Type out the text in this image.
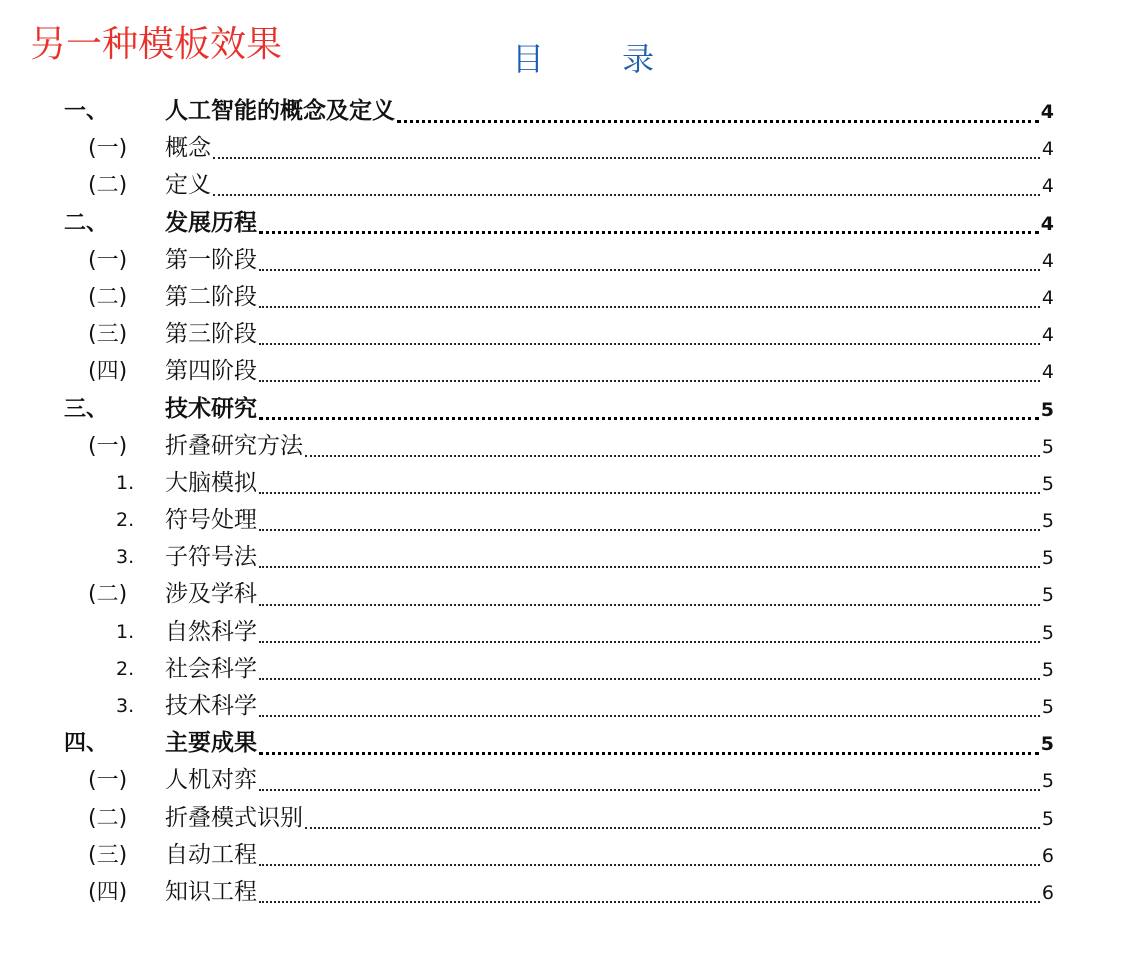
另一种模板效果	目 录
一、 人工智能的概念及定义	4
(一) 概念	4
(二) 定义	4
二、 发展历程	4
(一) 第一阶段	4
(二) 第二阶段	4
(三) 第三阶段	4
(四) 第四阶段	4
三、 技术研究	5
(一) 折叠研究方法	5
1. 大脑模拟	5
2. 符号处理	5
3. 子符号法	5
(二) 涉及学科	5
1. 自然科学	5
2. 社会科学	5
3. 技术科学	5
四、 主要成果	5
(一) 人机对弈	5
(二) 折叠模式识别	5
(三) 自动工程	6
(四) 知识工程	6
